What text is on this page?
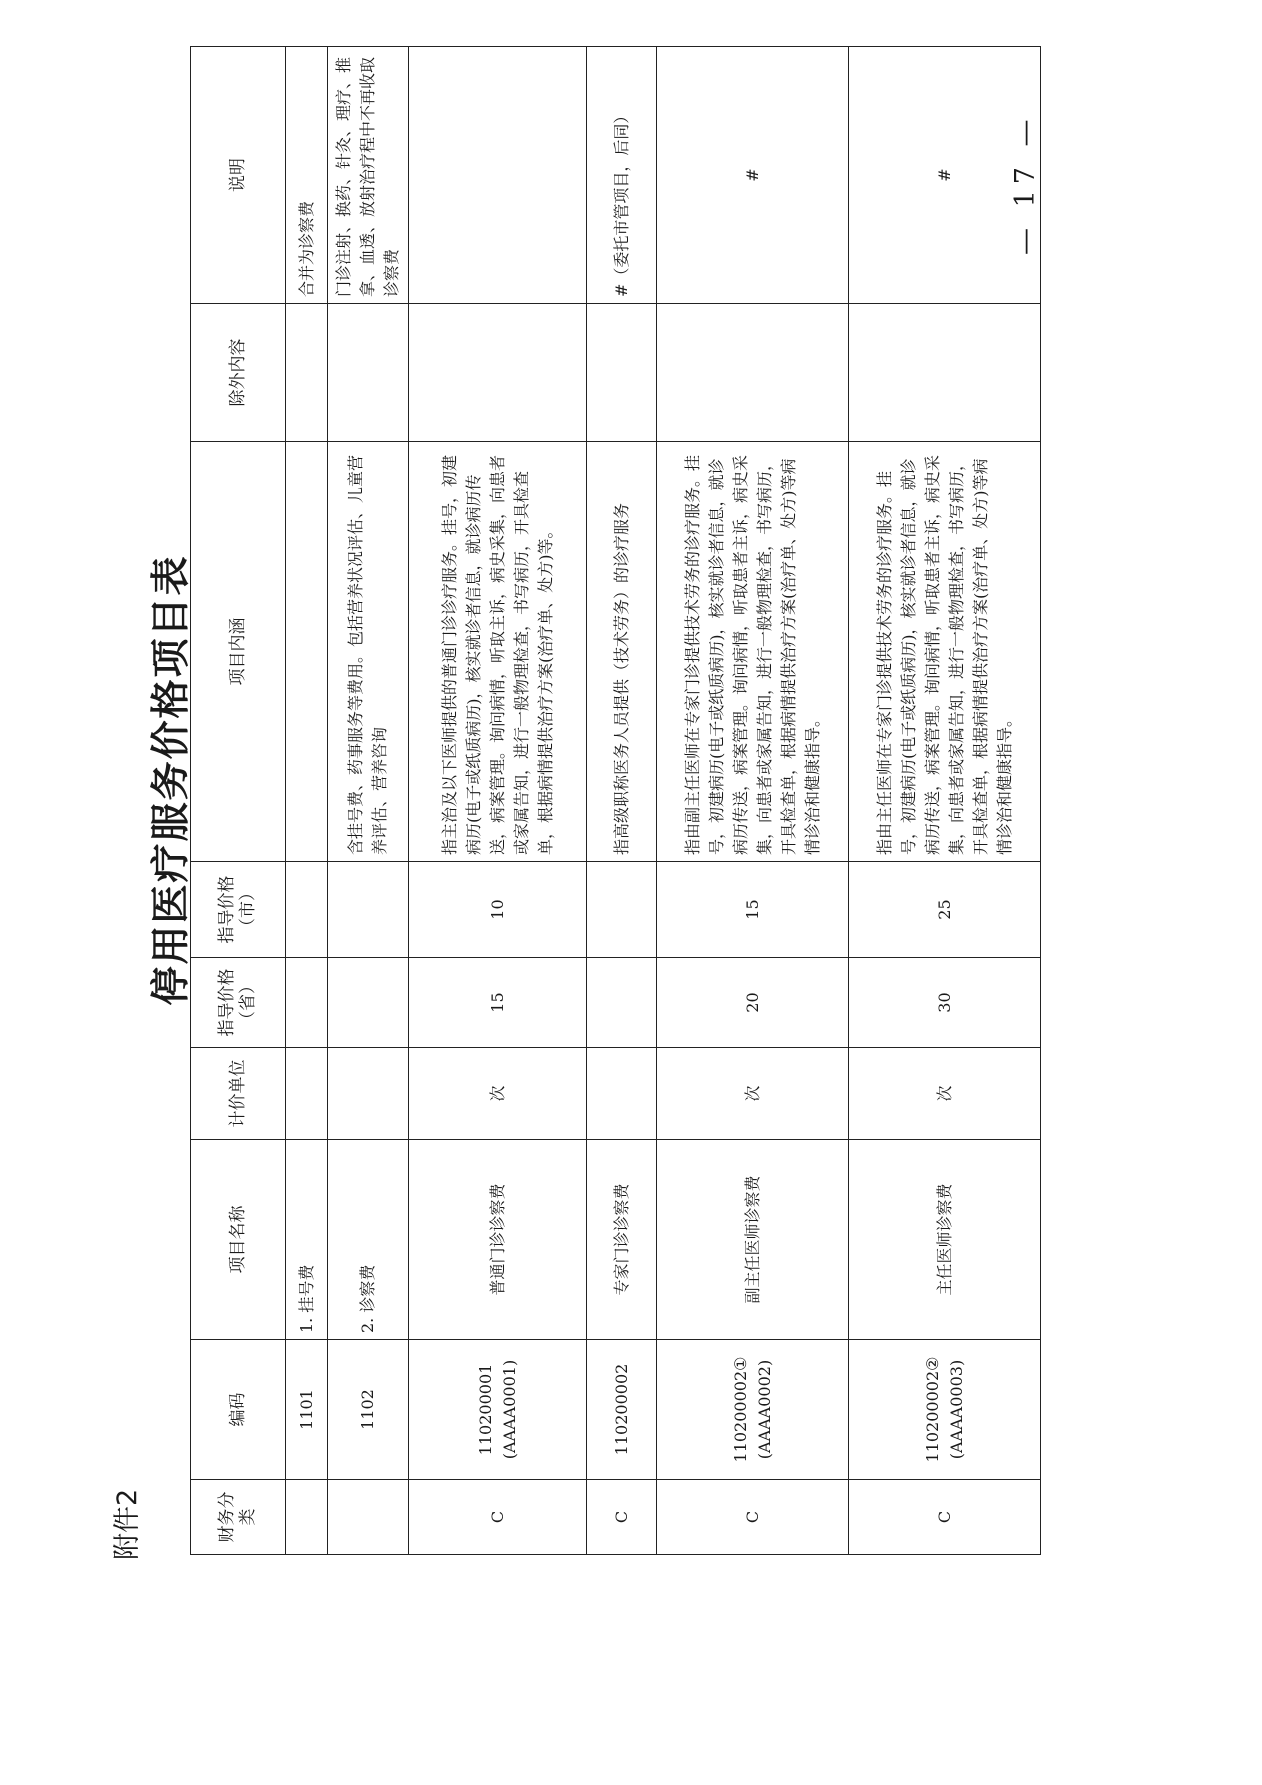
附件2
停用医疗服务价格项目表
财务分类	编码	项目名称	计价单位	指导价格（省）	指导价格（市）	项目内涵	除外内容	说明
	1101	1. 挂号费						合并为诊察费
	1102	2. 诊察费				含挂号费、药事服务等费用。包括营养状况评估、儿童营养评估、营养咨询		门诊注射、换药、针灸、理疗、推拿、血透、放射治疗程中不再收取诊察费
C	110200001 (AAAA0001)	普通门诊诊察费	次	15	10	指主治及以下医师提供的普通门诊诊疗服务。挂号，初建病历(电子或纸质病历)，核实就诊者信息，就诊病历传送，病案管理。询问病情，听取主诉，病史采集，向患者或家属告知，进行一般物理检查，书写病历，开具检查单，根据病情提供治疗方案(治疗单、处方)等。		
C	110200002	专家门诊诊察费				指高级职称医务人员提供（技术劳务）的诊疗服务		#（委托市管项目，后同）
C	110200002① (AAAA0002)	副主任医师诊察费	次	20	15	指由副主任医师在专家门诊提供技术劳务的诊疗服务。挂号，初建病历(电子或纸质病历)，核实就诊者信息，就诊病历传送，病案管理。询问病情，听取患者主诉，病史采集，向患者或家属告知，进行一般物理检查，书写病历，开具检查单，根据病情提供治疗方案(治疗单、处方)等病情诊治和健康指导。		#
C	110200002② (AAAA0003)	主任医师诊察费	次	30	25	指由主任医师在专家门诊提供技术劳务的诊疗服务。挂号，初建病历(电子或纸质病历)，核实就诊者信息，就诊病历传送，病案管理。询问病情，听取患者主诉，病史采集，向患者或家属告知，进行一般物理检查，书写病历，开具检查单，根据病情提供治疗方案(治疗单、处方)等病情诊治和健康指导。		# — 17 —
